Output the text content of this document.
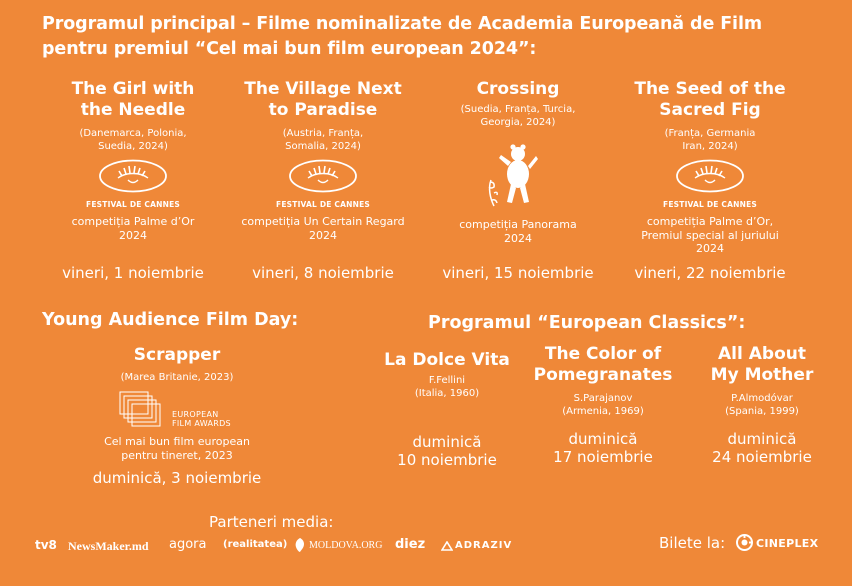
Programul principal – Filme nominalizate de Academia Europeană de Film
pentru premiul “Cel mai bun film european 2024”:
The Girl with
the Needle
(Danemarca, Polonia,
Suedia, 2024)
FESTIVAL DE CANNES
competiția Palme d’Or
2024
vineri, 1 noiembrie
The Village Next
to Paradise
(Austria, Franța,
Somalia, 2024)
FESTIVAL DE CANNES
competiția Un Certain Regard
2024
vineri, 8 noiembrie
Crossing
(Suedia, Franța, Turcia,
Georgia, 2024)
competiția Panorama
2024
vineri, 15 noiembrie
The Seed of the
Sacred Fig
(Franța, Germania
Iran, 2024)
FESTIVAL DE CANNES
competiția Palme d’Or,
Premiul special al juriului
2024
vineri, 22 noiembrie
Young Audience Film Day:
Scrapper
(Marea Britanie, 2023)
EUROPEAN
FILM AWARDS
Cel mai bun film european
pentru tineret, 2023
duminică, 3 noiembrie
Programul “European Classics”:
La Dolce Vita
F.Fellini
(Italia, 1960)
duminică
10 noiembrie
The Color of
Pomegranates
S.Parajanov
(Armenia, 1969)
duminică
17 noiembrie
All About
My Mother
P.Almodóvar
(Spania, 1999)
duminică
24 noiembrie
Parteneri media:
tv8 NewsMaker.md agora (realitatea) MOLDOVA.ORG diez	ADRAZIV	Bilete la:	CINEPLEX
